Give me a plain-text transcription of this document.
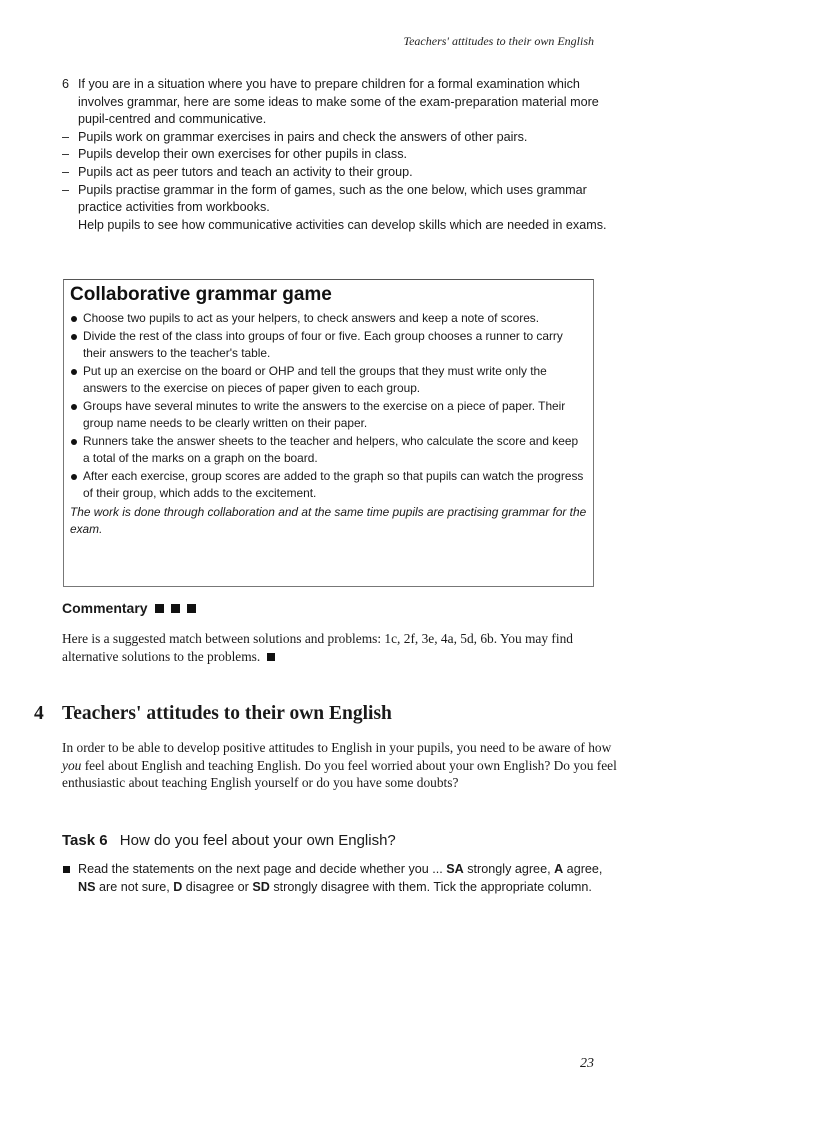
Teachers' attitudes to their own English
6 If you are in a situation where you have to prepare children for a formal examination which involves grammar, here are some ideas to make some of the exam-preparation material more pupil-centred and communicative.
– Pupils work on grammar exercises in pairs and check the answers of other pairs.
– Pupils develop their own exercises for other pupils in class.
– Pupils act as peer tutors and teach an activity to their group.
– Pupils practise grammar in the form of games, such as the one below, which uses grammar practice activities from workbooks.
Help pupils to see how communicative activities can develop skills which are needed in exams.
Collaborative grammar game
Choose two pupils to act as your helpers, to check answers and keep a note of scores.
Divide the rest of the class into groups of four or five. Each group chooses a runner to carry their answers to the teacher's table.
Put up an exercise on the board or OHP and tell the groups that they must write only the answers to the exercise on pieces of paper given to each group.
Groups have several minutes to write the answers to the exercise on a piece of paper. Their group name needs to be clearly written on their paper.
Runners take the answer sheets to the teacher and helpers, who calculate the score and keep a total of the marks on a graph on the board.
After each exercise, group scores are added to the graph so that pupils can watch the progress of their group, which adds to the excitement.
The work is done through collaboration and at the same time pupils are practising grammar for the exam.
Commentary
Here is a suggested match between solutions and problems: 1c, 2f, 3e, 4a, 5d, 6b. You may find alternative solutions to the problems.
4 Teachers' attitudes to their own English
In order to be able to develop positive attitudes to English in your pupils, you need to be aware of how you feel about English and teaching English. Do you feel worried about your own English? Do you feel enthusiastic about teaching English yourself or do you have some doubts?
Task 6 How do you feel about your own English?
Read the statements on the next page and decide whether you ... SA strongly agree, A agree, NS are not sure, D disagree or SD strongly disagree with them. Tick the appropriate column.
23
